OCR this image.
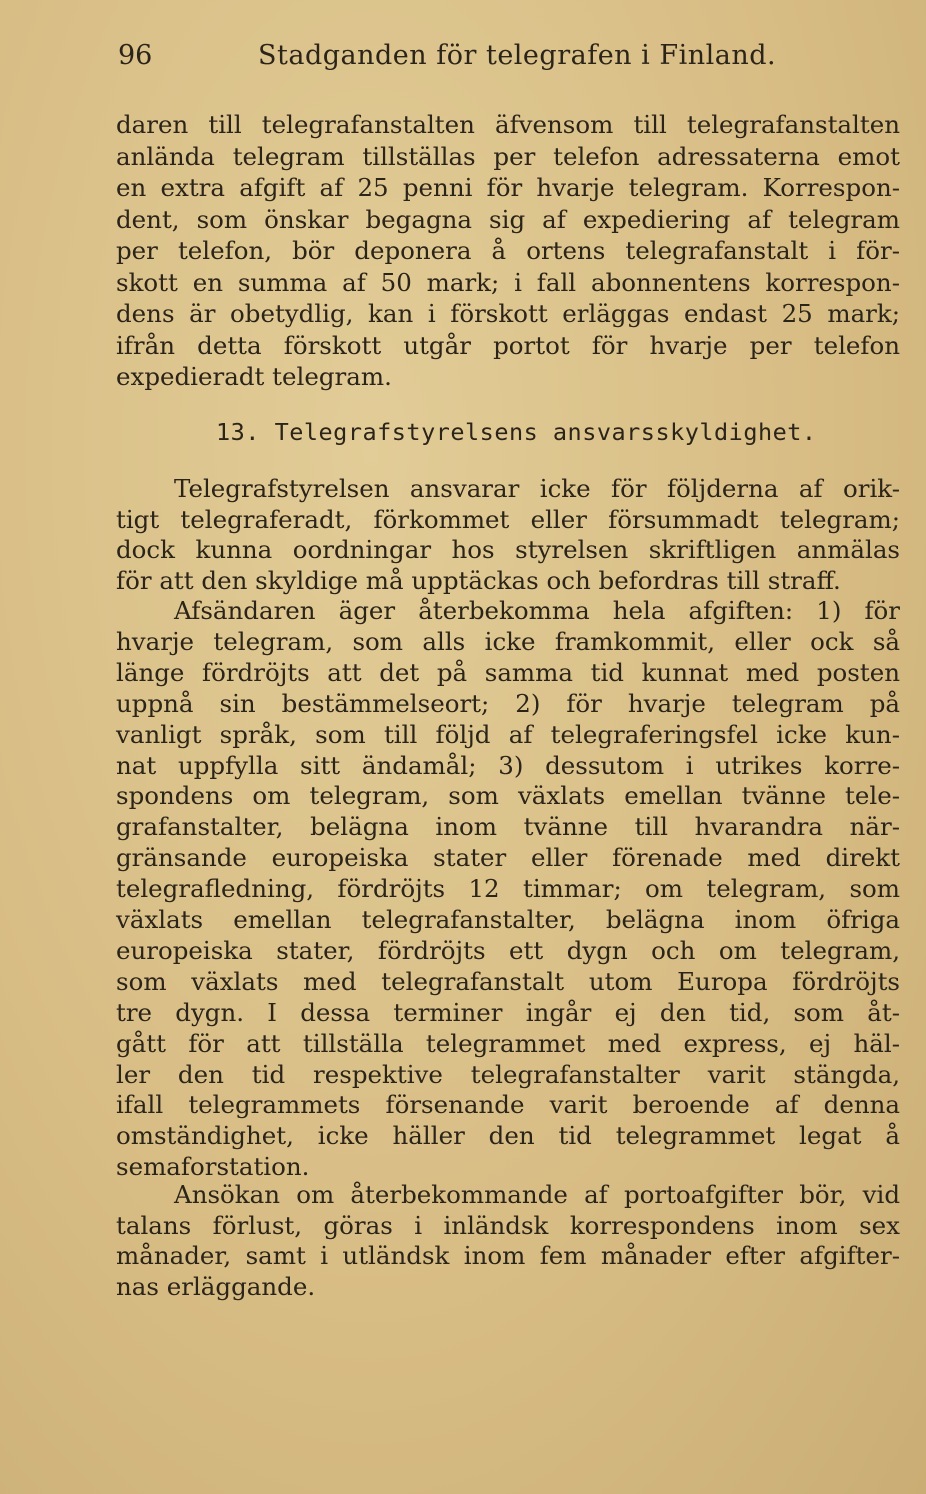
96	Stadganden för telegrafen i Finland.
daren till telegrafanstalten äfvensom till telegrafanstalten
anlända telegram tillställas per telefon adressaterna emot
en extra afgift af 25 penni för hvarje telegram. Korrespon-
dent, som önskar begagna sig af expediering af telegram
per telefon, bör deponera å ortens telegrafanstalt i för-
skott en summa af 50 mark; i fall abonnentens korrespon-
dens är obetydlig, kan i förskott erläggas endast 25 mark;
ifrån detta förskott utgår portot för hvarje per telefon
expedieradt telegram.
13. Telegrafstyrelsens ansvarsskyldighet.
Telegrafstyrelsen ansvarar icke för följderna af orik-
tigt telegraferadt, förkommet eller försummadt telegram;
dock kunna oordningar hos styrelsen skriftligen anmälas
för att den skyldige må upptäckas och befordras till straff.
Afsändaren äger återbekomma hela afgiften: 1) för
hvarje telegram, som alls icke framkommit, eller ock så
länge fördröjts att det på samma tid kunnat med posten
uppnå sin bestämmelseort; 2) för hvarje telegram på
vanligt språk, som till följd af telegraferingsfel icke kun-
nat uppfylla sitt ändamål; 3) dessutom i utrikes korre-
spondens om telegram, som växlats emellan tvänne tele-
grafanstalter, belägna inom tvänne till hvarandra när-
gränsande europeiska stater eller förenade med direkt
telegrafledning, fördröjts 12 timmar; om telegram, som
växlats emellan telegrafanstalter, belägna inom öfriga
europeiska stater, fördröjts ett dygn och om telegram,
som växlats med telegrafanstalt utom Europa fördröjts
tre dygn. I dessa terminer ingår ej den tid, som åt-
gått för att tillställa telegrammet med express, ej häl-
ler den tid respektive telegrafanstalter varit stängda,
ifall telegrammets försenande varit beroende af denna
omständighet, icke häller den tid telegrammet legat å
semaforstation.
Ansökan om återbekommande af portoafgifter bör, vid
talans förlust, göras i inländsk korrespondens inom sex
månader, samt i utländsk inom fem månader efter afgifter-
nas erläggande.
